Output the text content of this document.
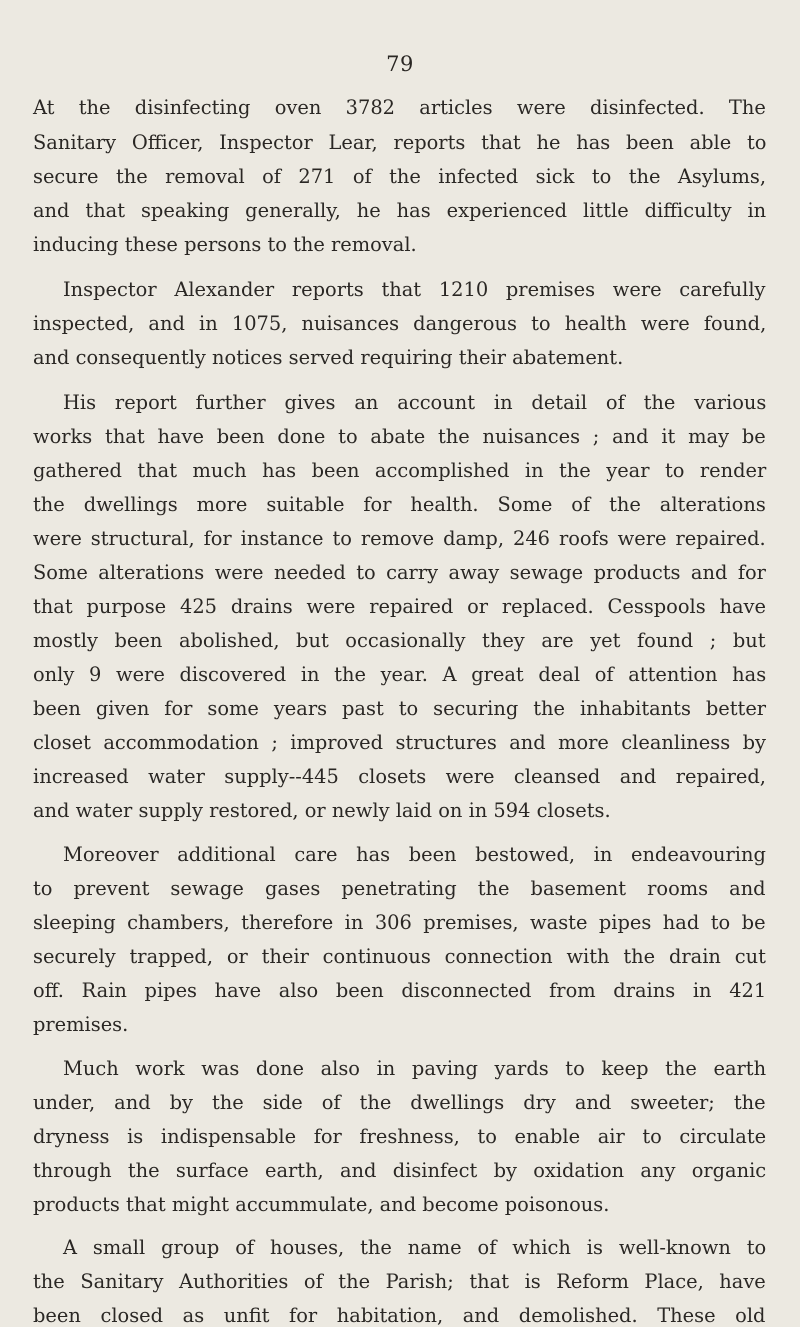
79
At the disinfecting oven 3782 articles were disinfected. The
Sanitary Officer, Inspector Lear, reports that he has been able to
secure the removal of 271 of the infected sick to the Asylums,
and that speaking generally, he has experienced little difficulty in
inducing these persons to the removal.
Inspector Alexander reports that 1210 premises were carefully
inspected, and in 1075, nuisances dangerous to health were found,
and consequently notices served requiring their abatement.
His report further gives an account in detail of the various
works that have been done to abate the nuisances ; and it may be
gathered that much has been accomplished in the year to render
the dwellings more suitable for health. Some of the alterations
were structural, for instance to remove damp, 246 roofs were repaired.
Some alterations were needed to carry away sewage products and for
that purpose 425 drains were repaired or replaced. Cesspools have
mostly been abolished, but occasionally they are yet found ; but
only 9 were discovered in the year. A great deal of attention has
been given for some years past to securing the inhabitants better
closet accommodation ; improved structures and more cleanliness by
increased water supply--445 closets were cleansed and repaired,
and water supply restored, or newly laid on in 594 closets.
Moreover additional care has been bestowed, in endeavouring
to prevent sewage gases penetrating the basement rooms and
sleeping chambers, therefore in 306 premises, waste pipes had to be
securely trapped, or their continuous connection with the drain cut
off. Rain pipes have also been disconnected from drains in 421
premises.
Much work was done also in paving yards to keep the earth
under, and by the side of the dwellings dry and sweeter; the
dryness is indispensable for freshness, to enable air to circulate
through the surface earth, and disinfect by oxidation any organic
products that might accummulate, and become poisonous.
A small group of houses, the name of which is well-known to
the Sanitary Authorities of the Parish; that is Reform Place, have
been closed as unfit for habitation, and demolished. These old
